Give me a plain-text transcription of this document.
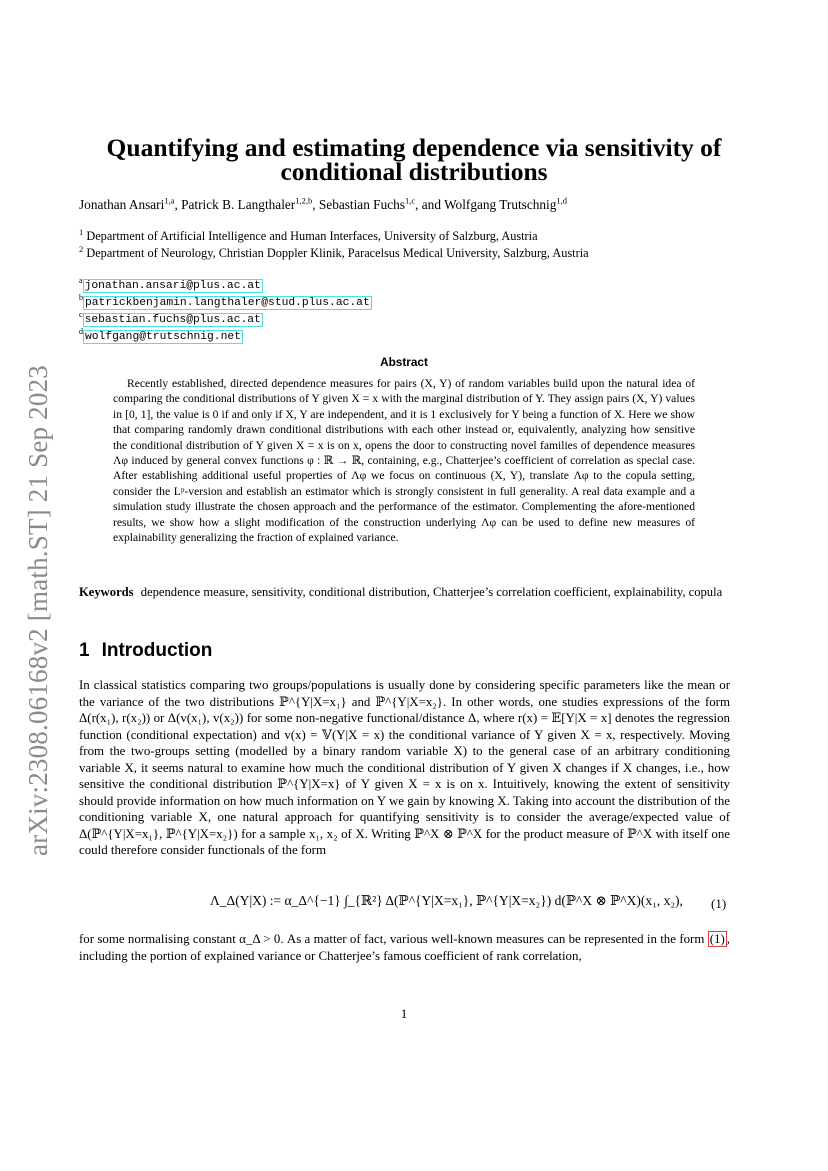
arXiv:2308.06168v2 [math.ST] 21 Sep 2023
Quantifying and estimating dependence via sensitivity of conditional distributions
Jonathan Ansari$^{1,a}$, Patrick B. Langthaler$^{1,2,b}$, Sebastian Fuchs$^{1,c}$, and Wolfgang Trutschnig$^{1,d}$
$^1$ Department of Artificial Intelligence and Human Interfaces, University of Salzburg, Austria
$^2$ Department of Neurology, Christian Doppler Klinik, Paracelsus Medical University, Salzburg, Austria
$^a$ jonathan.ansari@plus.ac.at
$^b$ patrickbenjamin.langthaler@stud.plus.ac.at
$^c$ sebastian.fuchs@plus.ac.at
$^d$ wolfgang@trutschnig.net
Abstract

Recently established, directed dependence measures for pairs (X, Y) of random variables build upon the natural idea of comparing the conditional distributions of Y given X = x with the marginal distribution of Y. They assign pairs (X, Y) values in [0, 1], the value is 0 if and only if X, Y are independent, and it is 1 exclusively for Y being a function of X. Here we show that comparing randomly drawn conditional distributions with each other instead or, equivalently, analyzing how sensitive the conditional distribution of Y given X = x is on x, opens the door to constructing novel families of dependence measures Λφ induced by general convex functions φ : ℝ → ℝ, containing, e.g., Chatterjee’s coefficient of correlation as special case. After establishing additional useful properties of Λφ we focus on continuous (X, Y), translate Λφ to the copula setting, consider the Lᵖ-version and establish an estimator which is strongly consistent in full generality. A real data example and a simulation study illustrate the chosen approach and the performance of the estimator. Complementing the afore-mentioned results, we show how a slight modification of the construction underlying Λφ can be used to define new measures of explainability generalizing the fraction of explained variance.

Keywords dependence measure, sensitivity, conditional distribution, Chatterjee’s correlation coefficient, explainability, copula

1 Introduction

In classical statistics comparing two groups/populations is usually done by considering specific parameters like the mean or the variance of the two distributions ℙ^{Y|X=x₁} and ℙ^{Y|X=x₂}. In other words, one studies expressions of the form Δ(r(x₁), r(x₂)) or Δ(v(x₁), v(x₂)) for some non-negative functional/distance Δ, where r(x) = 𝔼[Y|X = x] denotes the regression function (conditional expectation) and v(x) = 𝕍(Y|X = x) the conditional variance of Y given X = x, respectively. Moving from the two-groups setting (modelled by a binary random variable X) to the general case of an arbitrary conditioning variable X, it seems natural to examine how much the conditional distribution of Y given X changes if X changes, i.e., how sensitive the conditional distribution ℙ^{Y|X=x} of Y given X = x is on x. Intuitively, knowing the extent of sensitivity should provide information on how much information on Y we gain by knowing X. Taking into account the distribution of the conditioning variable X, one natural approach for quantifying sensitivity is to consider the average/expected value of Δ(ℙ^{Y|X=x₁}, ℙ^{Y|X=x₂}) for a sample x₁, x₂ of X. Writing ℙ^X ⊗ ℙ^X for the product measure of ℙ^X with itself one could therefore consider functionals of the form

Λ_Δ(Y|X) := α_Δ^{−1} ∫_{ℝ²} Δ(ℙ^{Y|X=x₁}, ℙ^{Y|X=x₂}) d(ℙ^X ⊗ ℙ^X)(x₁, x₂), (1)

for some normalising constant α_Δ > 0. As a matter of fact, various well-known measures can be represented in the form (1) , including the portion of explained variance or Chatterjee’s famous coefficient of rank correlation,

1
